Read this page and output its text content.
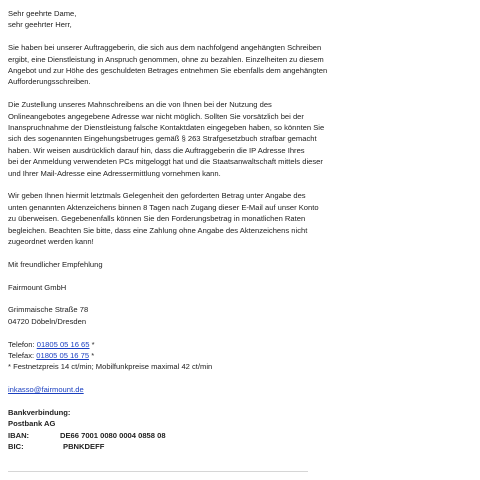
Sehr geehrte Dame,
sehr geehrter Herr,

Sie haben bei unserer Auftraggeberin, die sich aus dem nachfolgend angehängten Schreiben
ergibt, eine Dienstleistung in Anspruch genommen, ohne zu bezahlen. Einzelheiten zu diesem
Angebot und zur Höhe des geschuldeten Betrages entnehmen Sie ebenfalls dem angehängten
Aufforderungsschreiben.

Die Zustellung unseres Mahnschreibens an die von Ihnen bei der Nutzung des
Onlineangebotes angegebene Adresse war nicht möglich. Sollten Sie vorsätzlich bei der
Inanspruchnahme der Dienstleistung falsche Kontaktdaten eingegeben haben, so könnten Sie
sich des sogenannten Eingehungsbetruges gemäß § 263 Strafgesetzbuch strafbar gemacht
haben. Wir weisen ausdrücklich darauf hin, dass die Auftraggeberin die IP Adresse Ihres
bei der Anmeldung verwendeten PCs mitgeloggt hat und die Staatsanwaltschaft mittels dieser
und Ihrer Mail-Adresse eine Adressermittlung vornehmen kann.

Wir geben Ihnen hiermit letztmals Gelegenheit den geforderten Betrag unter Angabe des
unten genannten Aktenzeichens binnen 8 Tagen nach Zugang dieser E-Mail auf unser Konto
zu überweisen. Gegebenenfalls können Sie den Forderungsbetrag in monatlichen Raten
begleichen. Beachten Sie bitte, dass eine Zahlung ohne Angabe des Aktenzeichens nicht
zugeordnet werden kann!

Mit freundlicher Empfehlung

Fairmount GmbH

Grimmaische Straße 78
04720 Döbeln/Dresden

Telefon: 01805 05 16 65 *
Telefax: 01805 05 16 75 *
* Festnetzpreis 14 ct/min; Mobilfunkpreise maximal 42 ct/min

inkasso@fairmount.de

Bankverbindung:
Postbank AG
IBAN:	DE66 7001 0080 0004 0858 08
BIC:	PBNKDEFF
